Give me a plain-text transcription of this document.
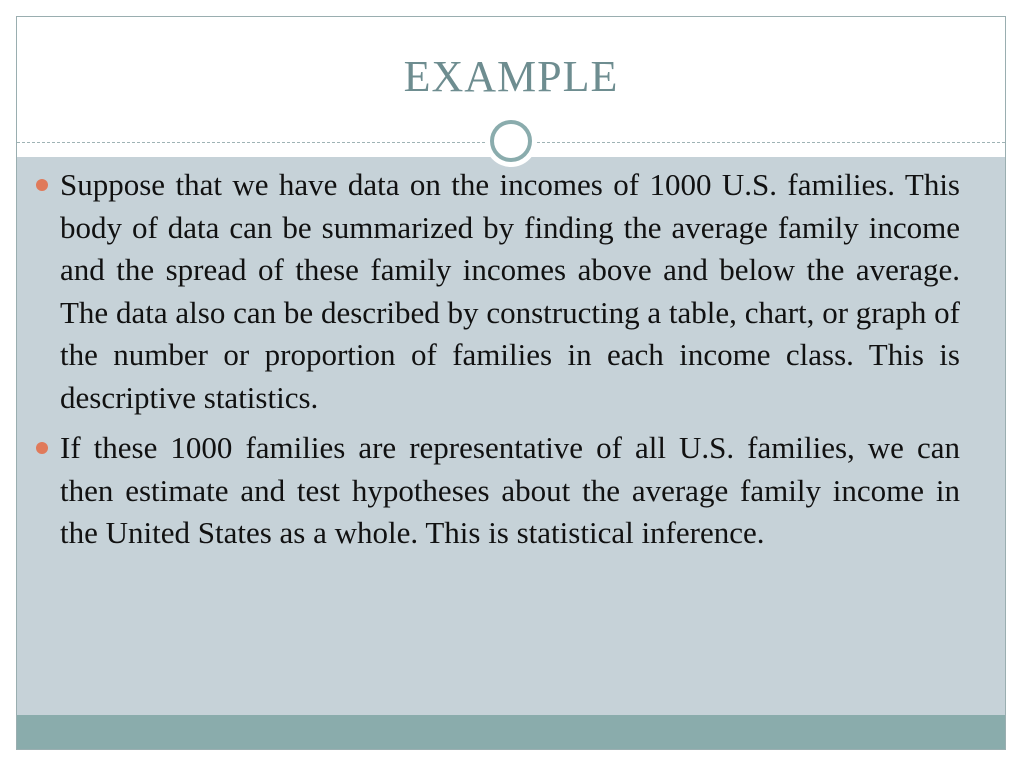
EXAMPLE
Suppose that we have data on the incomes of 1000 U.S. families. This body of data can be summarized by finding the average family income and the spread of these family incomes above and below the average. The data also can be described by constructing a table, chart, or graph of the number or proportion of families in each income class. This is descriptive statistics.
If these 1000 families are representative of all U.S. families, we can then estimate and test hypotheses about the average family income in the United States as a whole. This is statistical inference.
